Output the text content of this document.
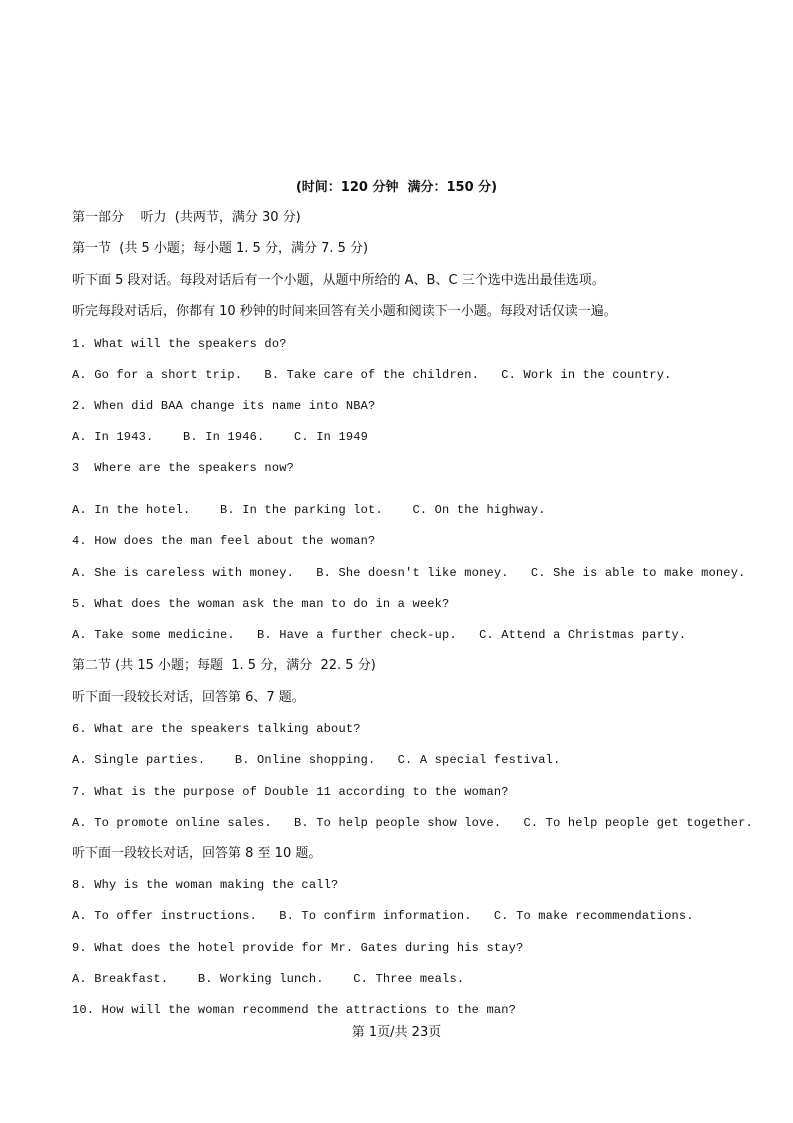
(时间：120 分钟  满分：150 分)
第一部分    听力  (共两节，满分 30 分)
第一节  (共 5 小题；每小题 1. 5 分，满分 7. 5 分)
听下面 5 段对话。每段对话后有一个小题，从题中所给的 A、B、C 三个选中选出最佳选项。
听完每段对话后，你都有 10 秒钟的时间来回答有关小题和阅读下一小题。每段对话仅读一遍。
1. What will the speakers do?
A. Go for a short trip.   B. Take care of the children.   C. Work in the country.
2. When did BAA change its name into NBA?
A. In 1943.    B. In 1946.    C. In 1949
3  Where are the speakers now?
A. In the hotel.    B. In the parking lot.    C. On the highway.
4. How does the man feel about the woman?
A. She is careless with money.   B. She doesn't like money.   C. She is able to make money.
5. What does the woman ask the man to do in a week?
A. Take some medicine.   B. Have a further check-up.   C. Attend a Christmas party.
第二节 (共 15 小题；每题  1. 5 分，满分  22. 5 分)
听下面一段较长对话，回答第 6、7 题。
6. What are the speakers talking about?
A. Single parties.    B. Online shopping.   C. A special festival.
7. What is the purpose of Double 11 according to the woman?
A. To promote online sales.   B. To help people show love.   C. To help people get together.
听下面一段较长对话，回答第 8 至 10 题。
8. Why is the woman making the call?
A. To offer instructions.   B. To confirm information.   C. To make recommendations.
9. What does the hotel provide for Mr. Gates during his stay?
A. Breakfast.    B. Working lunch.    C. Three meals.
10. How will the woman recommend the attractions to the man?
第 1页/共 23页
